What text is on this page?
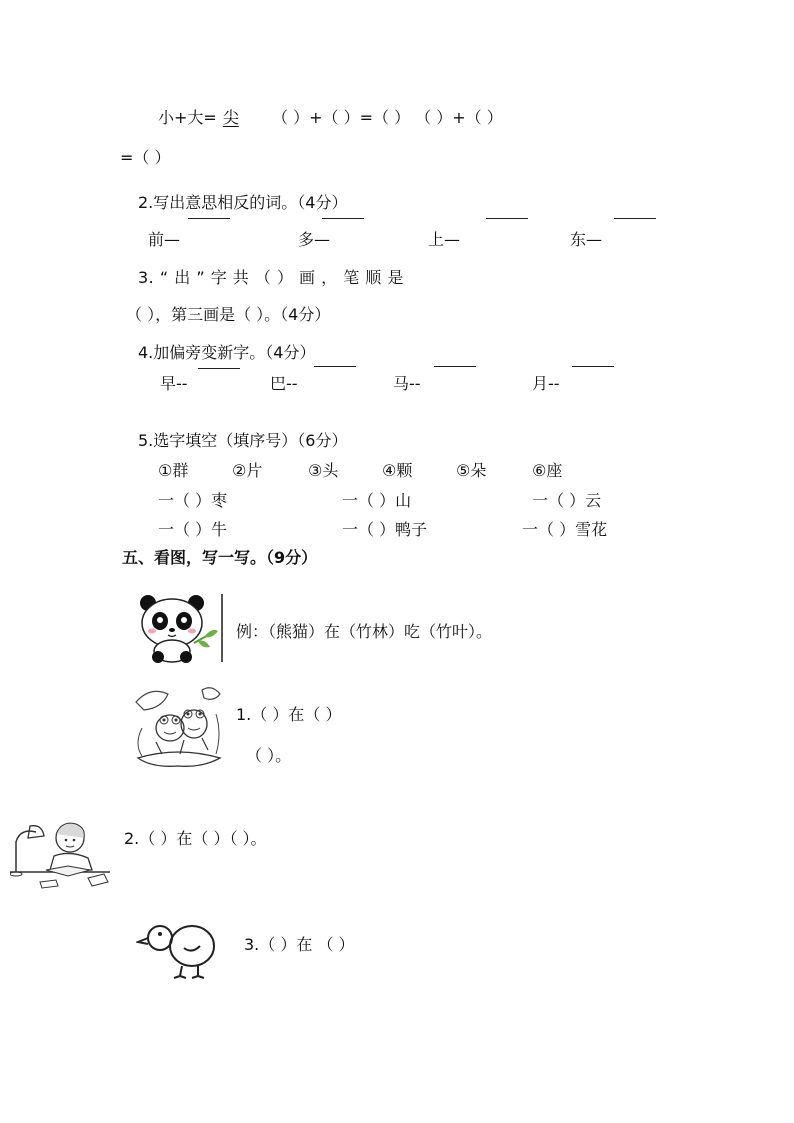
小+大= 尖	（ ）+（ ）=（ ） （ ）+（ ）
=（ ）
2.写出意思相反的词。（4分）
前—	多—	上—	东—
3. “ 出 ” 字 共 （ ） 画 ， 笔 顺 是
（ ），第三画是（ ）。（4分）
4.加偏旁变新字。（4分）
早--	巴--	马--	月--
5.选字填空（填序号）（6分）
①群	②片	③头	④颗	⑤朵	⑥座
一（ ）枣	一（ ）山	一（ ）云
一（ ）牛	一（ ）鸭子	一（ ）雪花
五、看图，写一写。（9分）
例：（熊猫）在（竹林）吃（竹叶）。
1.（ ）在（ ）
（ ）。
2.（ ）在（ ）（ ）。
3.（ ）在 （ ）
